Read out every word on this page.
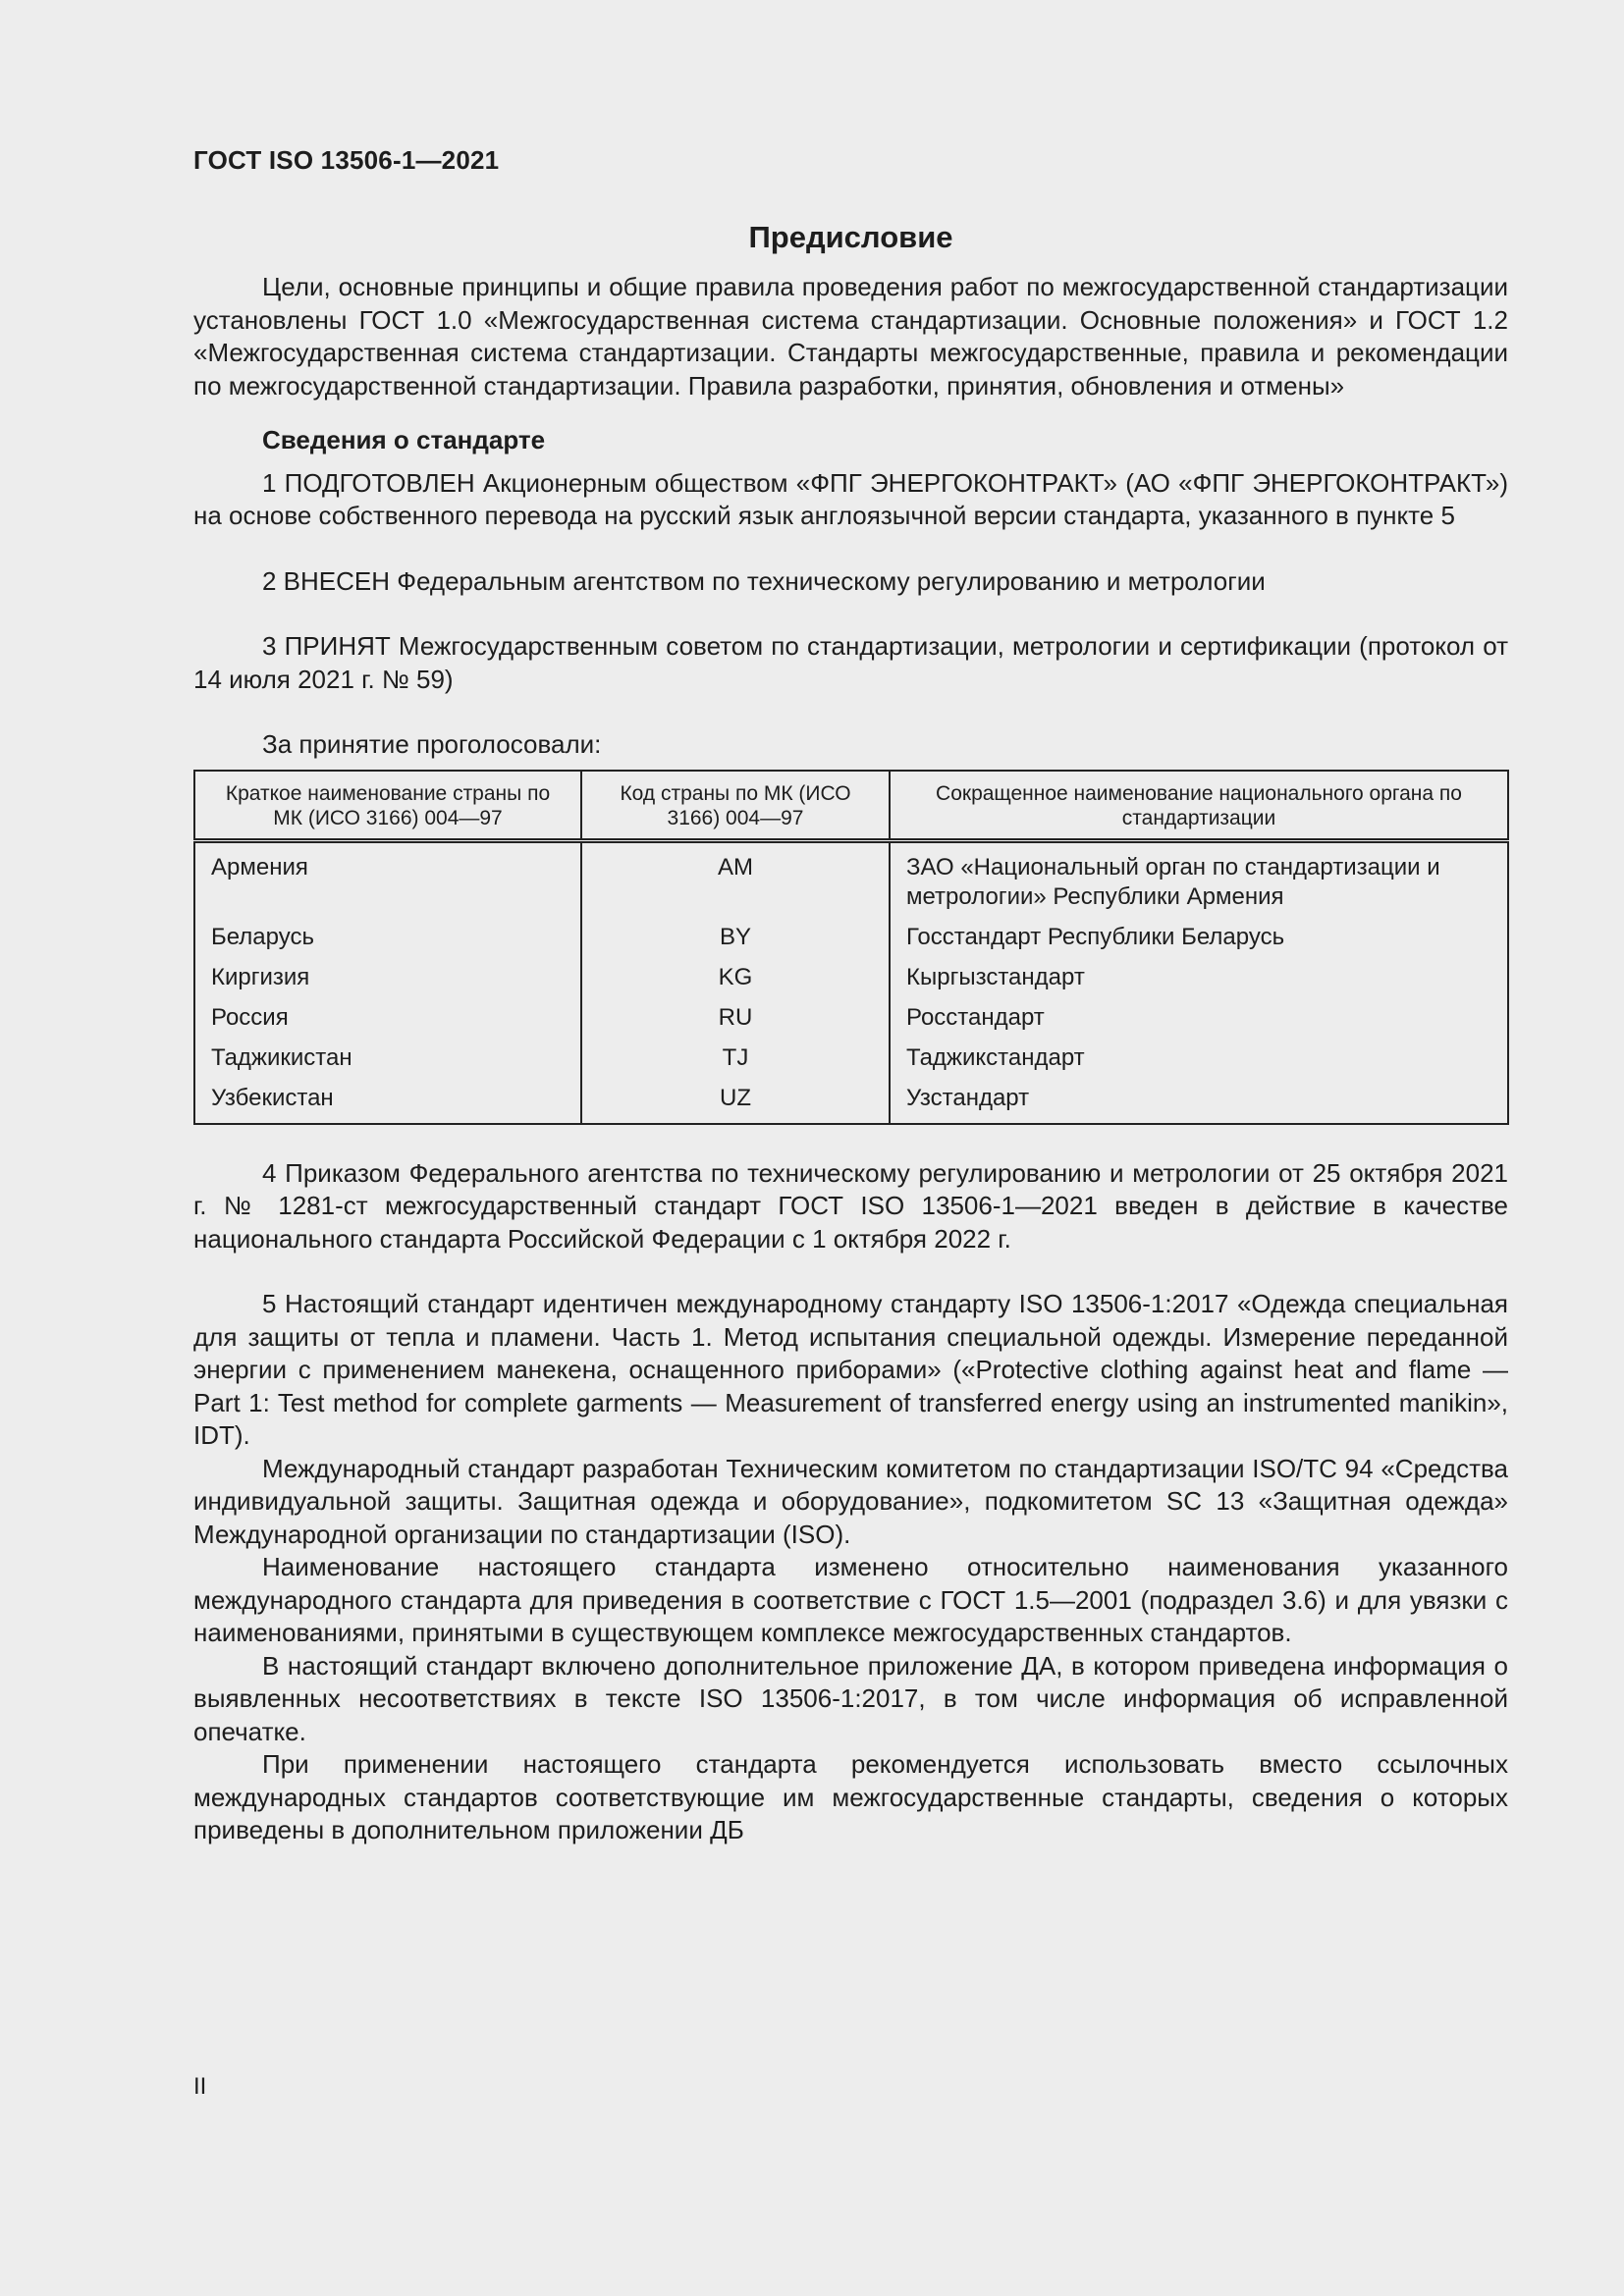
ГОСТ ISO 13506-1—2021
Предисловие

Цели, основные принципы и общие правила проведения работ по межгосударственной стандартизации установлены ГОСТ 1.0 «Межгосударственная система стандартизации. Основные положения» и ГОСТ 1.2 «Межгосударственная система стандартизации. Стандарты межгосударственные, правила и рекомендации по межгосударственной стандартизации. Правила разработки, принятия, обновления и отмены»

Сведения о стандарте

1 ПОДГОТОВЛЕН Акционерным обществом «ФПГ ЭНЕРГОКОНТРАКТ» (АО «ФПГ ЭНЕРГОКОНТРАКТ») на основе собственного перевода на русский язык англоязычной версии стандарта, указанного в пункте 5

2 ВНЕСЕН Федеральным агентством по техническому регулированию и метрологии

3 ПРИНЯТ Межгосударственным советом по стандартизации, метрологии и сертификации (протокол от 14 июля 2021 г. № 59)

За принятие проголосовали:

Краткое наименование страны по МК (ИСО 3166) 004—97	Код страны по МК (ИСО 3166) 004—97	Сокращенное наименование национального органа по стандартизации
Армения	AM	ЗАО «Национальный орган по стандартизации и метрологии» Республики Армения
Беларусь	BY	Госстандарт Республики Беларусь
Киргизия	KG	Кыргызстандарт
Россия	RU	Росстандарт
Таджикистан	TJ	Таджикстандарт
Узбекистан	UZ	Узстандарт

4 Приказом Федерального агентства по техническому регулированию и метрологии от 25 октября 2021 г. № 1281-ст межгосударственный стандарт ГОСТ ISO 13506-1—2021 введен в действие в качестве национального стандарта Российской Федерации с 1 октября 2022 г.

5 Настоящий стандарт идентичен международному стандарту ISO 13506-1:2017 «Одежда специальная для защиты от тепла и пламени. Часть 1. Метод испытания специальной одежды. Измерение переданной энергии с применением манекена, оснащенного приборами» («Protective clothing against heat and flame — Part 1: Test method for complete garments — Measurement of transferred energy using an instrumented manikin», IDT).

Международный стандарт разработан Техническим комитетом по стандартизации ISO/TC 94 «Средства индивидуальной защиты. Защитная одежда и оборудование», подкомитетом SC 13 «Защитная одежда» Международной организации по стандартизации (ISO).

Наименование настоящего стандарта изменено относительно наименования указанного международного стандарта для приведения в соответствие с ГОСТ 1.5—2001 (подраздел 3.6) и для увязки с наименованиями, принятыми в существующем комплексе межгосударственных стандартов.

В настоящий стандарт включено дополнительное приложение ДА, в котором приведена информация о выявленных несоответствиях в тексте ISO 13506-1:2017, в том числе информация об исправленной опечатке.

При применении настоящего стандарта рекомендуется использовать вместо ссылочных международных стандартов соответствующие им межгосударственные стандарты, сведения о которых приведены в дополнительном приложении ДБ

II
